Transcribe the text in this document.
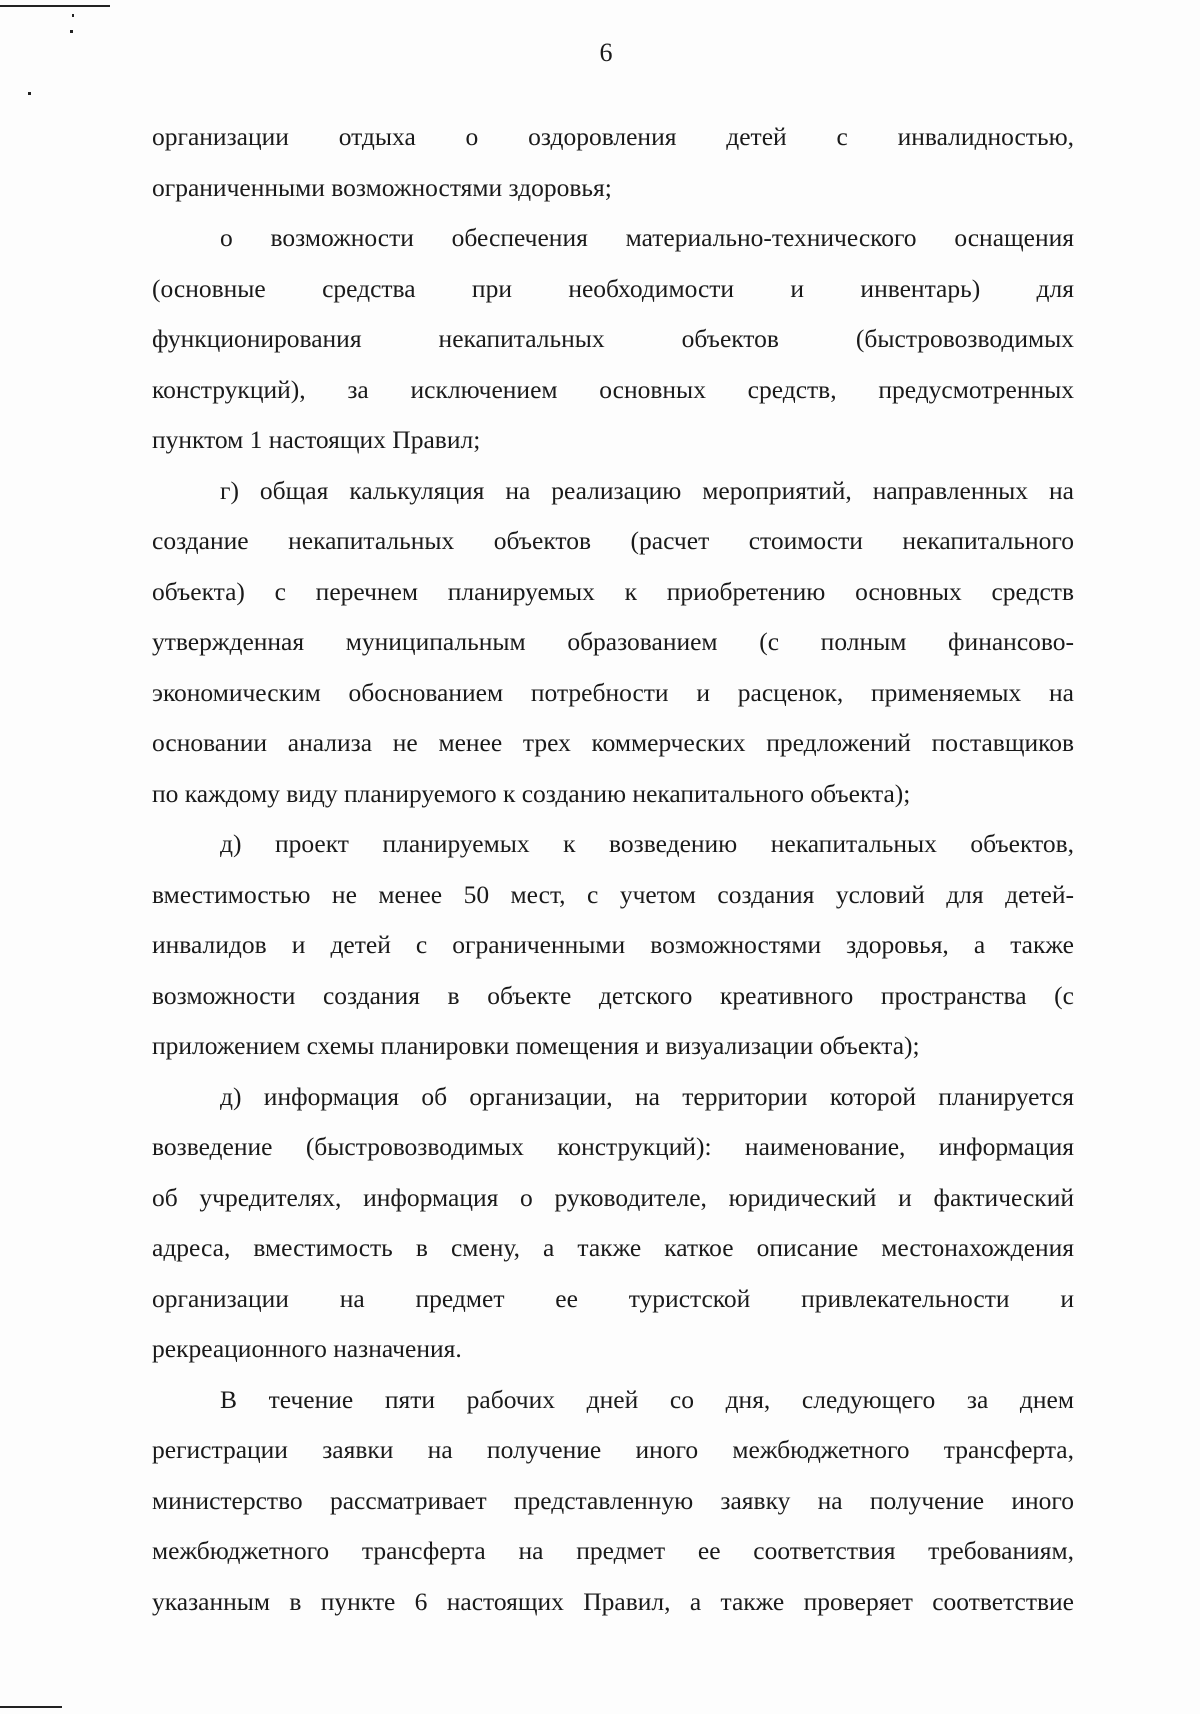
6
организации отдыха о оздоровления детей с инвалидностью,
ограниченными возможностями здоровья;
о возможности обеспечения материально-технического оснащения
(основные средства при необходимости и инвентарь) для
функционирования некапитальных объектов (быстровозводимых
конструкций), за исключением основных средств, предусмотренных
пунктом 1 настоящих Правил;
г) общая калькуляция на реализацию мероприятий, направленных на
создание некапитальных объектов (расчет стоимости некапитального
объекта) с перечнем планируемых к приобретению основных средств
утвержденная муниципальным образованием (с полным финансово-
экономическим обоснованием потребности и расценок, применяемых на
основании анализа не менее трех коммерческих предложений поставщиков
по каждому виду планируемого к созданию некапитального объекта);
д) проект планируемых к возведению некапитальных объектов,
вместимостью не менее 50 мест, с учетом создания условий для детей-
инвалидов и детей с ограниченными возможностями здоровья, а также
возможности создания в объекте детского креативного пространства (с
приложением схемы планировки помещения и визуализации объекта);
д) информация об организации, на территории которой планируется
возведение (быстровозводимых конструкций): наименование, информация
об учредителях, информация о руководителе, юридический и фактический
адреса, вместимость в смену, а также каткое описание местонахождения
организации на предмет ее туристской привлекательности и
рекреационного назначения.
В течение пяти рабочих дней со дня, следующего за днем
регистрации заявки на получение иного межбюджетного трансферта,
министерство рассматривает представленную заявку на получение иного
межбюджетного трансферта на предмет ее соответствия требованиям,
указанным в пункте 6 настоящих Правил, а также проверяет соответствие
